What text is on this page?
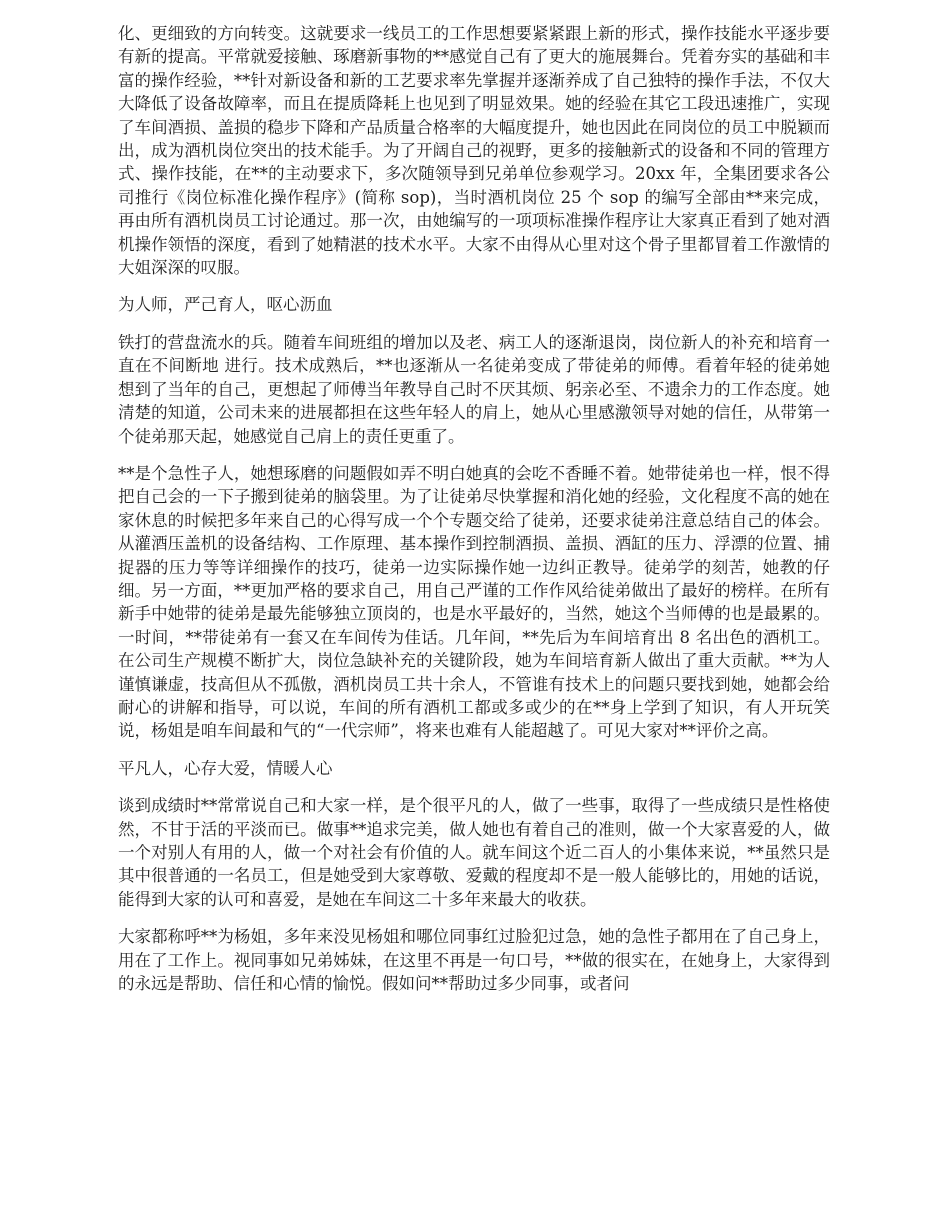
化、更细致的方向转变。这就要求一线员工的工作思想要紧紧跟上新的形式，操作技能水平逐步要有新的提高。平常就爱接触、琢磨新事物的**感觉自己有了更大的施展舞台。凭着夯实的基础和丰富的操作经验，**针对新设备和新的工艺要求率先掌握并逐渐养成了自己独特的操作手法，不仅大大降低了设备故障率，而且在提质降耗上也见到了明显效果。她的经验在其它工段迅速推广，实现了车间酒损、盖损的稳步下降和产品质量合格率的大幅度提升，她也因此在同岗位的员工中脱颖而出，成为酒机岗位突出的技术能手。为了开阔自己的视野，更多的接触新式的设备和不同的管理方式、操作技能，在**的主动要求下，多次随领导到兄弟单位参观学习。20xx 年，全集团要求各公司推行《岗位标准化操作程序》(简称 sop)，当时酒机岗位 25 个 sop 的编写全部由**来完成，再由所有酒机岗员工讨论通过。那一次，由她编写的一项项标准操作程序让大家真正看到了她对酒机操作领悟的深度，看到了她精湛的技术水平。大家不由得从心里对这个骨子里都冒着工作激情的大姐深深的叹服。

为人师，严己育人，呕心沥血

铁打的营盘流水的兵。随着车间班组的增加以及老、病工人的逐渐退岗，岗位新人的补充和培育一直在不间断地 进行。技术成熟后，**也逐渐从一名徒弟变成了带徒弟的师傅。看着年轻的徒弟她想到了当年的自己，更想起了师傅当年教导自己时不厌其烦、躬亲必至、不遗余力的工作态度。她清楚的知道，公司未来的进展都担在这些年轻人的肩上，她从心里感激领导对她的信任，从带第一个徒弟那天起，她感觉自己肩上的责任更重了。

**是个急性子人，她想琢磨的问题假如弄不明白她真的会吃不香睡不着。她带徒弟也一样，恨不得把自己会的一下子搬到徒弟的脑袋里。为了让徒弟尽快掌握和消化她的经验，文化程度不高的她在家休息的时候把多年来自己的心得写成一个个专题交给了徒弟，还要求徒弟注意总结自己的体会。从灌酒压盖机的设备结构、工作原理、基本操作到控制酒损、盖损、酒缸的压力、浮漂的位置、捕捉器的压力等等详细操作的技巧，徒弟一边实际操作她一边纠正教导。徒弟学的刻苦，她教的仔细。另一方面，**更加严格的要求自己，用自己严谨的工作作风给徒弟做出了最好的榜样。在所有新手中她带的徒弟是最先能够独立顶岗的，也是水平最好的，当然，她这个当师傅的也是最累的。一时间，**带徒弟有一套又在车间传为佳话。几年间，**先后为车间培育出 8 名出色的酒机工。在公司生产规模不断扩大，岗位急缺补充的关键阶段，她为车间培育新人做出了重大贡献。**为人谨慎谦虚，技高但从不孤傲，酒机岗员工共十余人，不管谁有技术上的问题只要找到她，她都会给耐心的讲解和指导，可以说，车间的所有酒机工都或多或少的在**身上学到了知识，有人开玩笑说，杨姐是咱车间最和气的“一代宗师”，将来也难有人能超越了。可见大家对**评价之高。

平凡人，心存大爱，情暖人心

谈到成绩时**常常说自己和大家一样，是个很平凡的人，做了一些事，取得了一些成绩只是性格使然，不甘于活的平淡而已。做事**追求完美，做人她也有着自己的准则，做一个大家喜爱的人，做一个对别人有用的人，做一个对社会有价值的人。就车间这个近二百人的小集体来说，**虽然只是其中很普通的一名员工，但是她受到大家尊敬、爱戴的程度却不是一般人能够比的，用她的话说，能得到大家的认可和喜爱，是她在车间这二十多年来最大的收获。

大家都称呼**为杨姐，多年来没见杨姐和哪位同事红过脸犯过急，她的急性子都用在了自己身上，用在了工作上。视同事如兄弟姊妹，在这里不再是一句口号，**做的很实在，在她身上，大家得到的永远是帮助、信任和心情的愉悦。假如问**帮助过多少同事，或者问
